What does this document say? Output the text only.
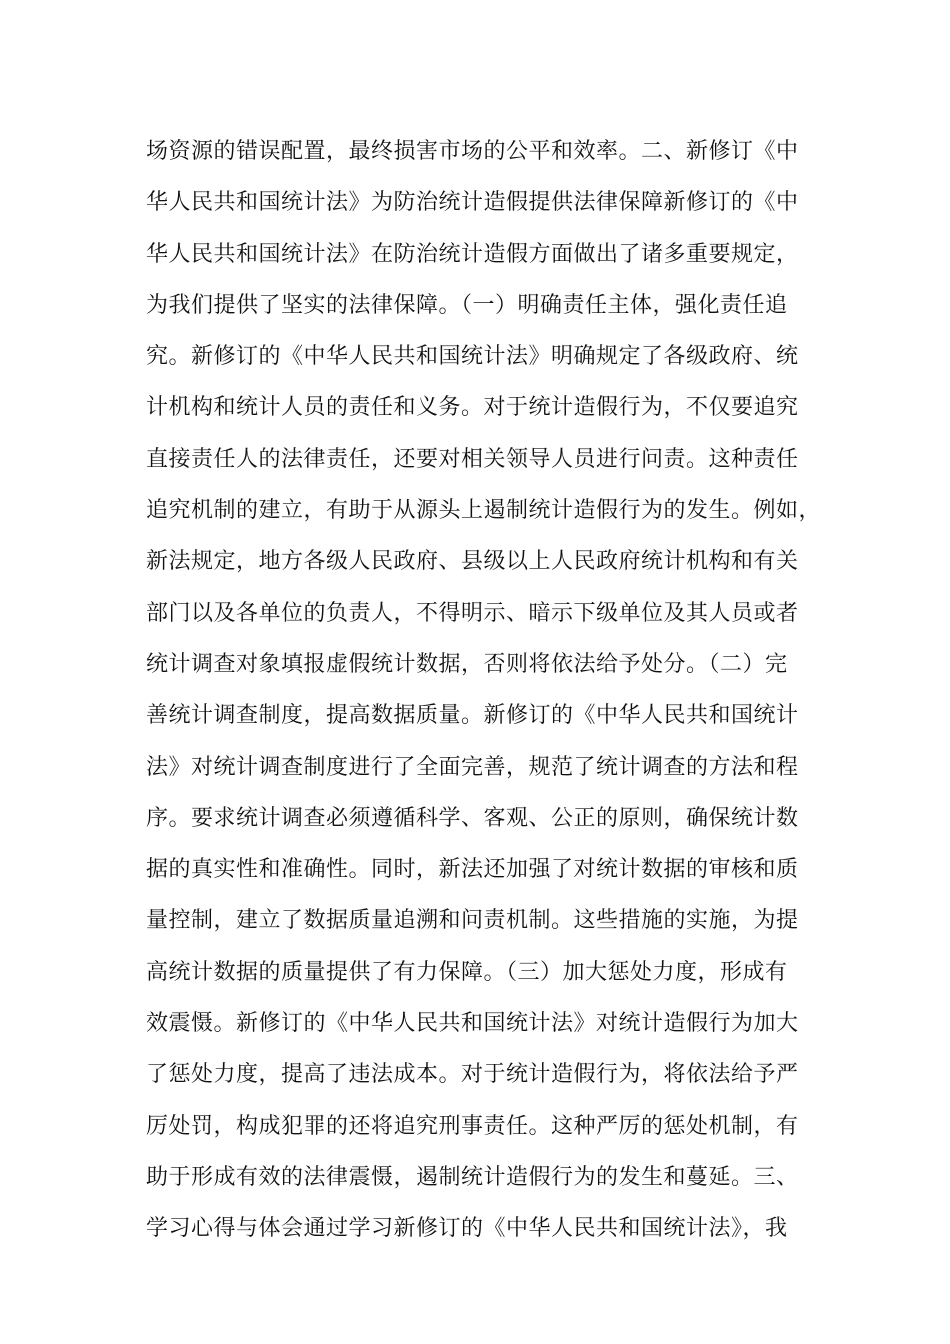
场资源的错误配置，最终损害市场的公平和效率。二、新修订《中
华人民共和国统计法》为防治统计造假提供法律保障新修订的《中
华人民共和国统计法》在防治统计造假方面做出了诸多重要规定，
为我们提供了坚实的法律保障。（一）明确责任主体，强化责任追
究。新修订的《中华人民共和国统计法》明确规定了各级政府、统
计机构和统计人员的责任和义务。对于统计造假行为，不仅要追究
直接责任人的法律责任，还要对相关领导人员进行问责。这种责任
追究机制的建立，有助于从源头上遏制统计造假行为的发生。例如，
新法规定，地方各级人民政府、县级以上人民政府统计机构和有关
部门以及各单位的负责人，不得明示、暗示下级单位及其人员或者
统计调查对象填报虚假统计数据，否则将依法给予处分。（二）完
善统计调查制度，提高数据质量。新修订的《中华人民共和国统计
法》对统计调查制度进行了全面完善，规范了统计调查的方法和程
序。要求统计调查必须遵循科学、客观、公正的原则，确保统计数
据的真实性和准确性。同时，新法还加强了对统计数据的审核和质
量控制，建立了数据质量追溯和问责机制。这些措施的实施，为提
高统计数据的质量提供了有力保障。（三）加大惩处力度，形成有
效震慑。新修订的《中华人民共和国统计法》对统计造假行为加大
了惩处力度，提高了违法成本。对于统计造假行为，将依法给予严
厉处罚，构成犯罪的还将追究刑事责任。这种严厉的惩处机制，有
助于形成有效的法律震慑，遏制统计造假行为的发生和蔓延。三、
学习心得与体会通过学习新修订的《中华人民共和国统计法》，我
